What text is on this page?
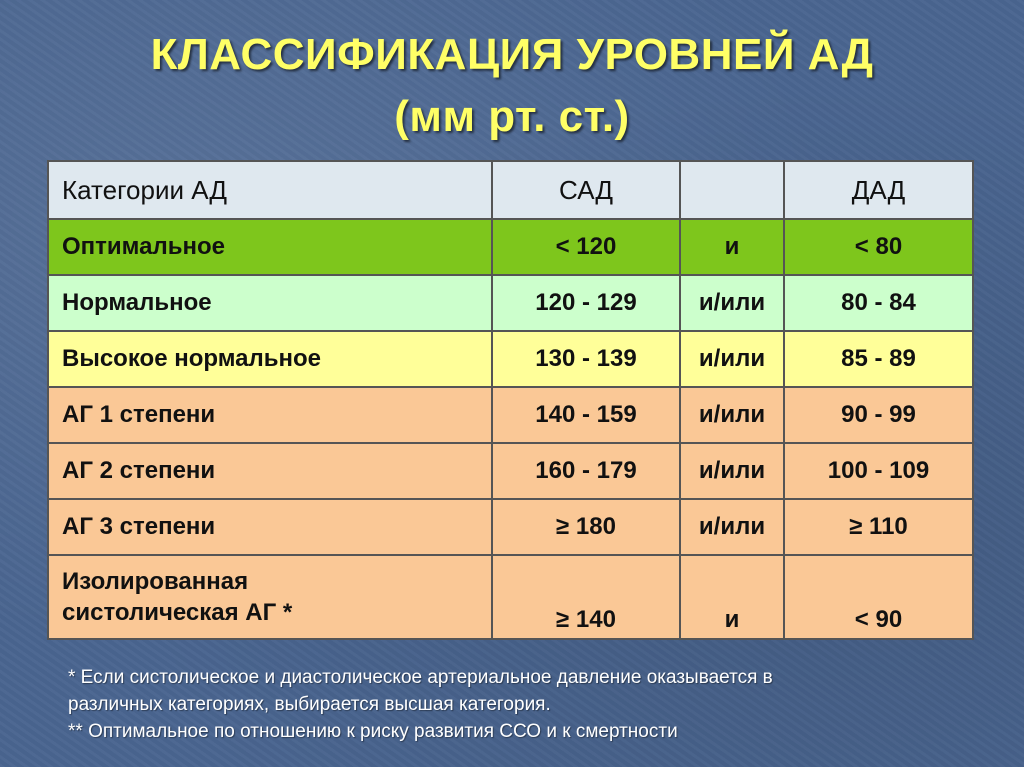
КЛАССИФИКАЦИЯ УРОВНЕЙ АД
(мм рт. ст.)
Категории АД	САД		ДАД
Оптимальное	< 120	и	< 80
Нормальное	120 - 129	и/или	80 - 84
Высокое нормальное	130 - 139	и/или	85 - 89
АГ 1 степени	140 - 159	и/или	90 - 99
АГ 2 степени	160 - 179	и/или	100 - 109
АГ 3 степени	≥ 180	и/или	≥ 110
Изолированная
систолическая АГ *	≥ 140	и	< 90
* Если систолическое и диастолическое артериальное давление оказывается в
различных категориях, выбирается высшая категория.
** Оптимальное по отношению к риску развития ССО и к смертности
